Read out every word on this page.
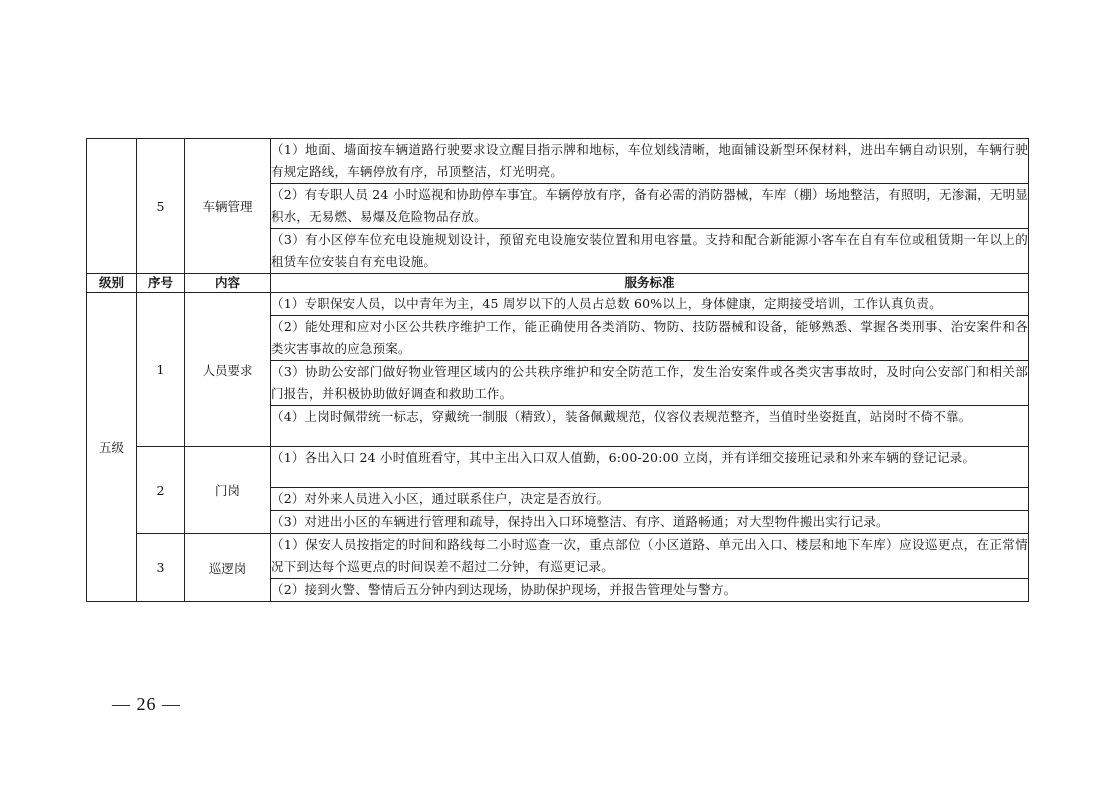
	5	车辆管理	（1）地面、墙面按车辆道路行驶要求设立醒目指示牌和地标，车位划线清晰，地面铺设新型环保材料，进出车辆自动识别，车辆行驶有规定路线，车辆停放有序，吊顶整洁，灯光明亮。
			（2）有专职人员 24 小时巡视和协助停车事宜。车辆停放有序，备有必需的消防器械，车库（棚）场地整洁，有照明，无渗漏，无明显积水，无易燃、易爆及危险物品存放。
			（3）有小区停车位充电设施规划设计，预留充电设施安装位置和用电容量。支持和配合新能源小客车在自有车位或租赁期一年以上的租赁车位安装自有充电设施。
级别	序号	内容	服务标准
五级	1	人员要求	（1）专职保安人员，以中青年为主，45 周岁以下的人员占总数 60%以上，身体健康，定期接受培训，工作认真负责。
			（2）能处理和应对小区公共秩序维护工作，能正确使用各类消防、物防、技防器械和设备，能够熟悉、掌握各类刑事、治安案件和各类灾害事故的应急预案。
			（3）协助公安部门做好物业管理区域内的公共秩序维护和安全防范工作，发生治安案件或各类灾害事故时，及时向公安部门和相关部门报告，并积极协助做好调查和救助工作。
			（4）上岗时佩带统一标志，穿戴统一制服（精致），装备佩戴规范，仪容仪表规范整齐，当值时坐姿挺直，站岗时不倚不靠。
	2	门岗	（1）各出入口 24 小时值班看守，其中主出入口双人值勤，6:00-20:00 立岗，并有详细交接班记录和外来车辆的登记记录。
			（2）对外来人员进入小区，通过联系住户，决定是否放行。
			（3）对进出小区的车辆进行管理和疏导，保持出入口环境整洁、有序、道路畅通；对大型物件搬出实行记录。
	3	巡逻岗	（1）保安人员按指定的时间和路线每二小时巡查一次，重点部位（小区道路、单元出入口、楼层和地下车库）应设巡更点，在正常情况下到达每个巡更点的时间误差不超过二分钟，有巡更记录。
			（2）接到火警、警情后五分钟内到达现场，协助保护现场，并报告管理处与警方。
— 26 —
